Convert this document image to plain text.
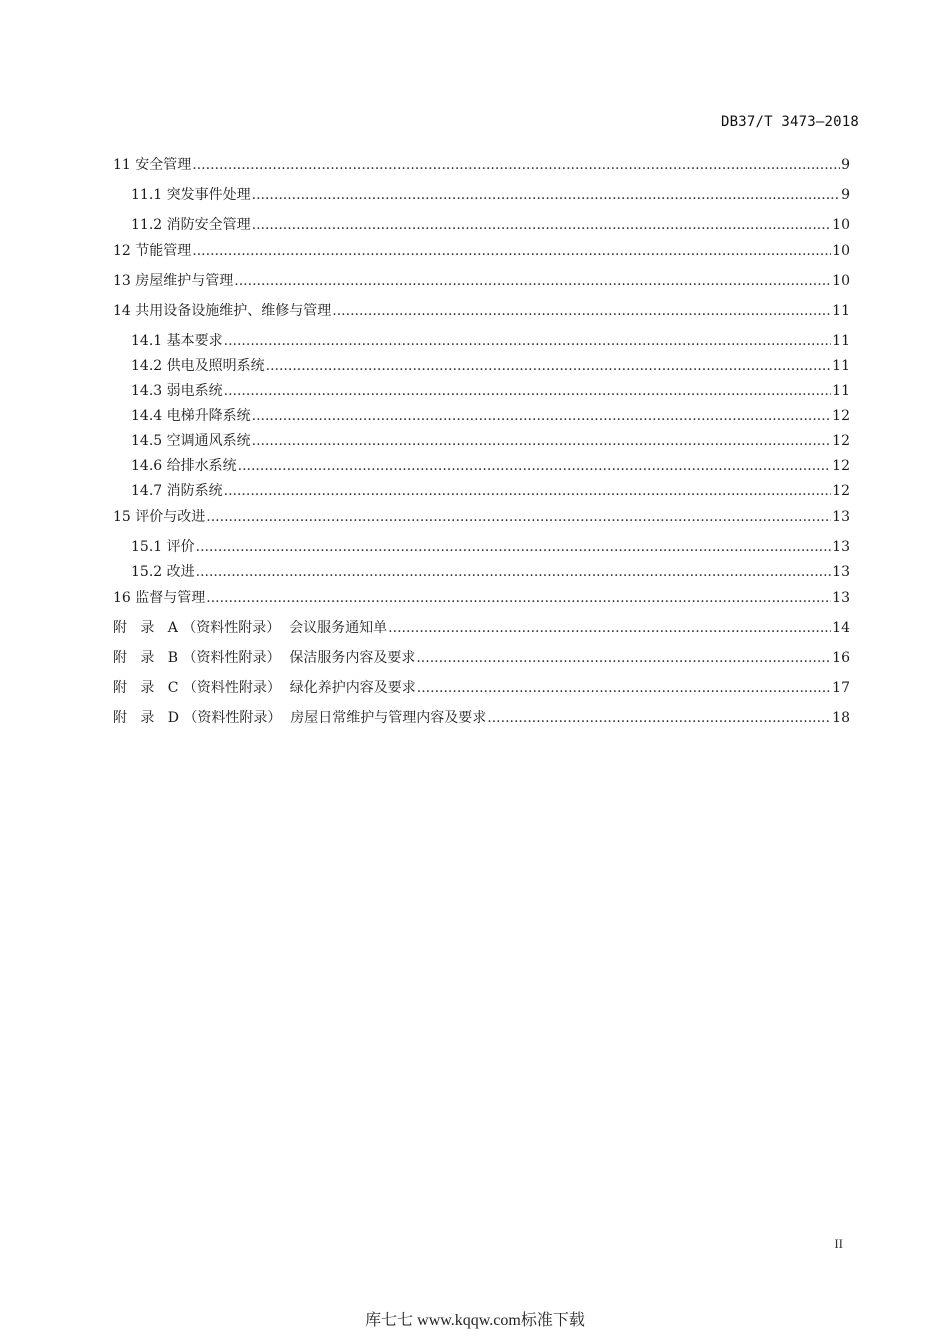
DB37/T 3473—2018
11 安全管理 .....	9
11.1 突发事件处理 .....	9
11.2 消防安全管理 .....	10
12 节能管理 .....	10
13 房屋维护与管理 .....	10
14 共用设备设施维护、维修与管理 .....	11
14.1 基本要求 .....	11
14.2 供电及照明系统 .....	11
14.3 弱电系统 .....	11
14.4 电梯升降系统 .....	12
14.5 空调通风系统 .....	12
14.6 给排水系统 .....	12
14.7 消防系统 .....	12
15 评价与改进 .....	13
15.1 评价 .....	13
15.2 改进 .....	13
16 监督与管理 .....	13
附   录   A （资料性附录）  会议服务通知单 .....	14
附   录   B （资料性附录）  保洁服务内容及要求 .....	16
附   录   C （资料性附录）  绿化养护内容及要求 .....	17
附   录   D （资料性附录）  房屋日常维护与管理内容及要求 .....	18
II
库七七 www.kqqw.com标准下载
